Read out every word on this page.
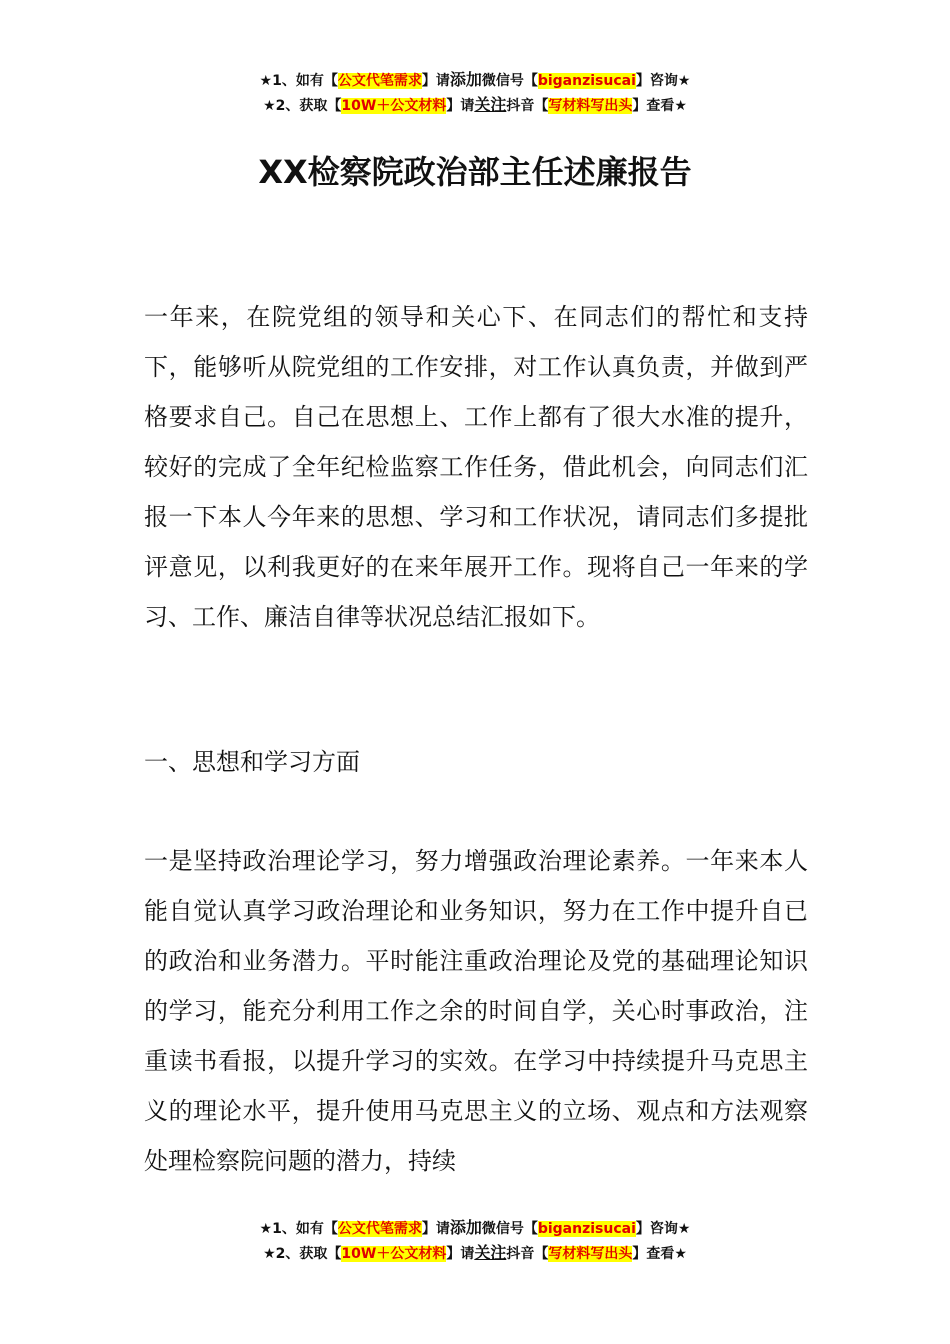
★1、如有【公文代笔需求】请添加微信号【biganzisucai】咨询★
★2、获取【10W＋公文材料】请关注抖音【写材料写出头】查看★
XX检察院政治部主任述廉报告

一年来，在院党组的领导和关心下、在同志们的帮忙和支持下，能够听从院党组的工作安排，对工作认真负责，并做到严格要求自己。自己在思想上、工作上都有了很大水准的提升，较好的完成了全年纪检监察工作任务，借此机会，向同志们汇报一下本人今年来的思想、学习和工作状况，请同志们多提批评意见，以利我更好的在来年展开工作。现将自己一年来的学习、工作、廉洁自律等状况总结汇报如下。

一、思想和学习方面

一是坚持政治理论学习，努力增强政治理论素养。一年来本人能自觉认真学习政治理论和业务知识，努力在工作中提升自已的政治和业务潜力。平时能注重政治理论及党的基础理论知识的学习，能充分利用工作之余的时间自学，关心时事政治，注重读书看报，以提升学习的实效。在学习中持续提升马克思主义的理论水平，提升使用马克思主义的立场、观点和方法观察处理检察院问题的潜力，持续

★1、如有【公文代笔需求】请添加微信号【biganzisucai】咨询★
★2、获取【10W＋公文材料】请关注抖音【写材料写出头】查看★
